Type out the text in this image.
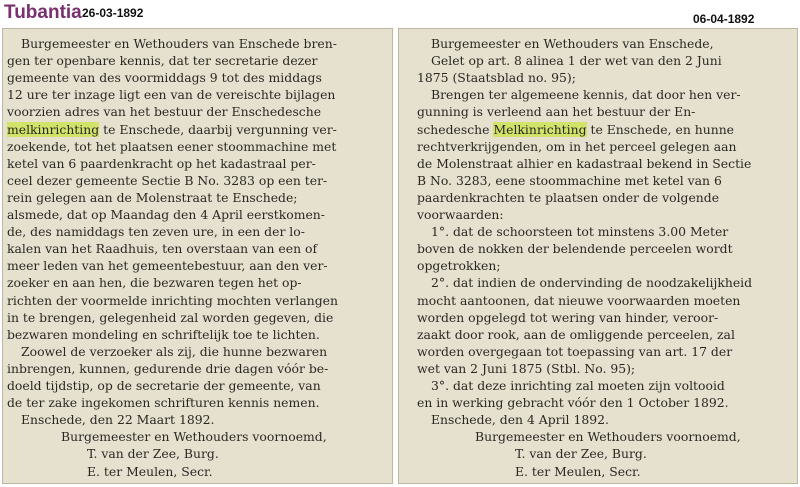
Tubantia 26-03-1892	06-04-1892
Burgemeester en Wethouders van Enschede bren-
gen ter openbare kennis, dat ter secretarie dezer
gemeente van des voormiddags 9 tot des middags
12 ure ter inzage ligt een van de vereischte bijlagen
voorzien adres van het bestuur der Enschedesche
melkinrichting te Enschede, daarbij vergunning ver-
zoekende, tot het plaatsen eener stoommachine met
ketel van 6 paardenkracht op het kadastraal per-
ceel dezer gemeente Sectie B No. 3283 op een ter-
rein gelegen aan de Molenstraat te Enschede;
alsmede, dat op Maandag den 4 April eerstkomen-
de, des namiddags ten zeven ure, in een der lo-
kalen van het Raadhuis, ten overstaan van een of
meer leden van het gemeentebestuur, aan den ver-
zoeker en aan hen, die bezwaren tegen het op-
richten der voormelde inrichting mochten verlangen
in te brengen, gelegenheid zal worden gegeven, die
bezwaren mondeling en schriftelijk toe te lichten.
Zoowel de verzoeker als zij, die hunne bezwaren
inbrengen, kunnen, gedurende drie dagen vóór be-
doeld tijdstip, op de secretarie der gemeente, van
de ter zake ingekomen schrifturen kennis nemen.
Enschede, den 22 Maart 1892.
Burgemeester en Wethouders voornoemd,
T. van der Zee, Burg.
E. ter Meulen, Secr.
Burgemeester en Wethouders van Enschede,
Gelet op art. 8 alinea 1 der wet van den 2 Juni
1875 (Staatsblad no. 95);
Brengen ter algemeene kennis, dat door hen ver-
gunning is verleend aan het bestuur der En-
schedesche Melkinrichting te Enschede, en hunne
rechtverkrijgenden, om in het perceel gelegen aan
de Molenstraat alhier en kadastraal bekend in Sectie
B No. 3283, eene stoommachine met ketel van 6
paardenkrachten te plaatsen onder de volgende
voorwaarden:
1°. dat de schoorsteen tot minstens 3.00 Meter
boven de nokken der belendende perceelen wordt
opgetrokken;
2°. dat indien de ondervinding de noodzakelijkheid
mocht aantoonen, dat nieuwe voorwaarden moeten
worden opgelegd tot wering van hinder, veroor-
zaakt door rook, aan de omliggende perceelen, zal
worden overgegaan tot toepassing van art. 17 der
wet van 2 Juni 1875 (Stbl. No. 95);
3°. dat deze inrichting zal moeten zijn voltooid
en in werking gebracht vóór den 1 October 1892.
Enschede, den 4 April 1892.
Burgemeester en Wethouders voornoemd,
T. van der Zee, Burg.
E. ter Meulen, Secr.
